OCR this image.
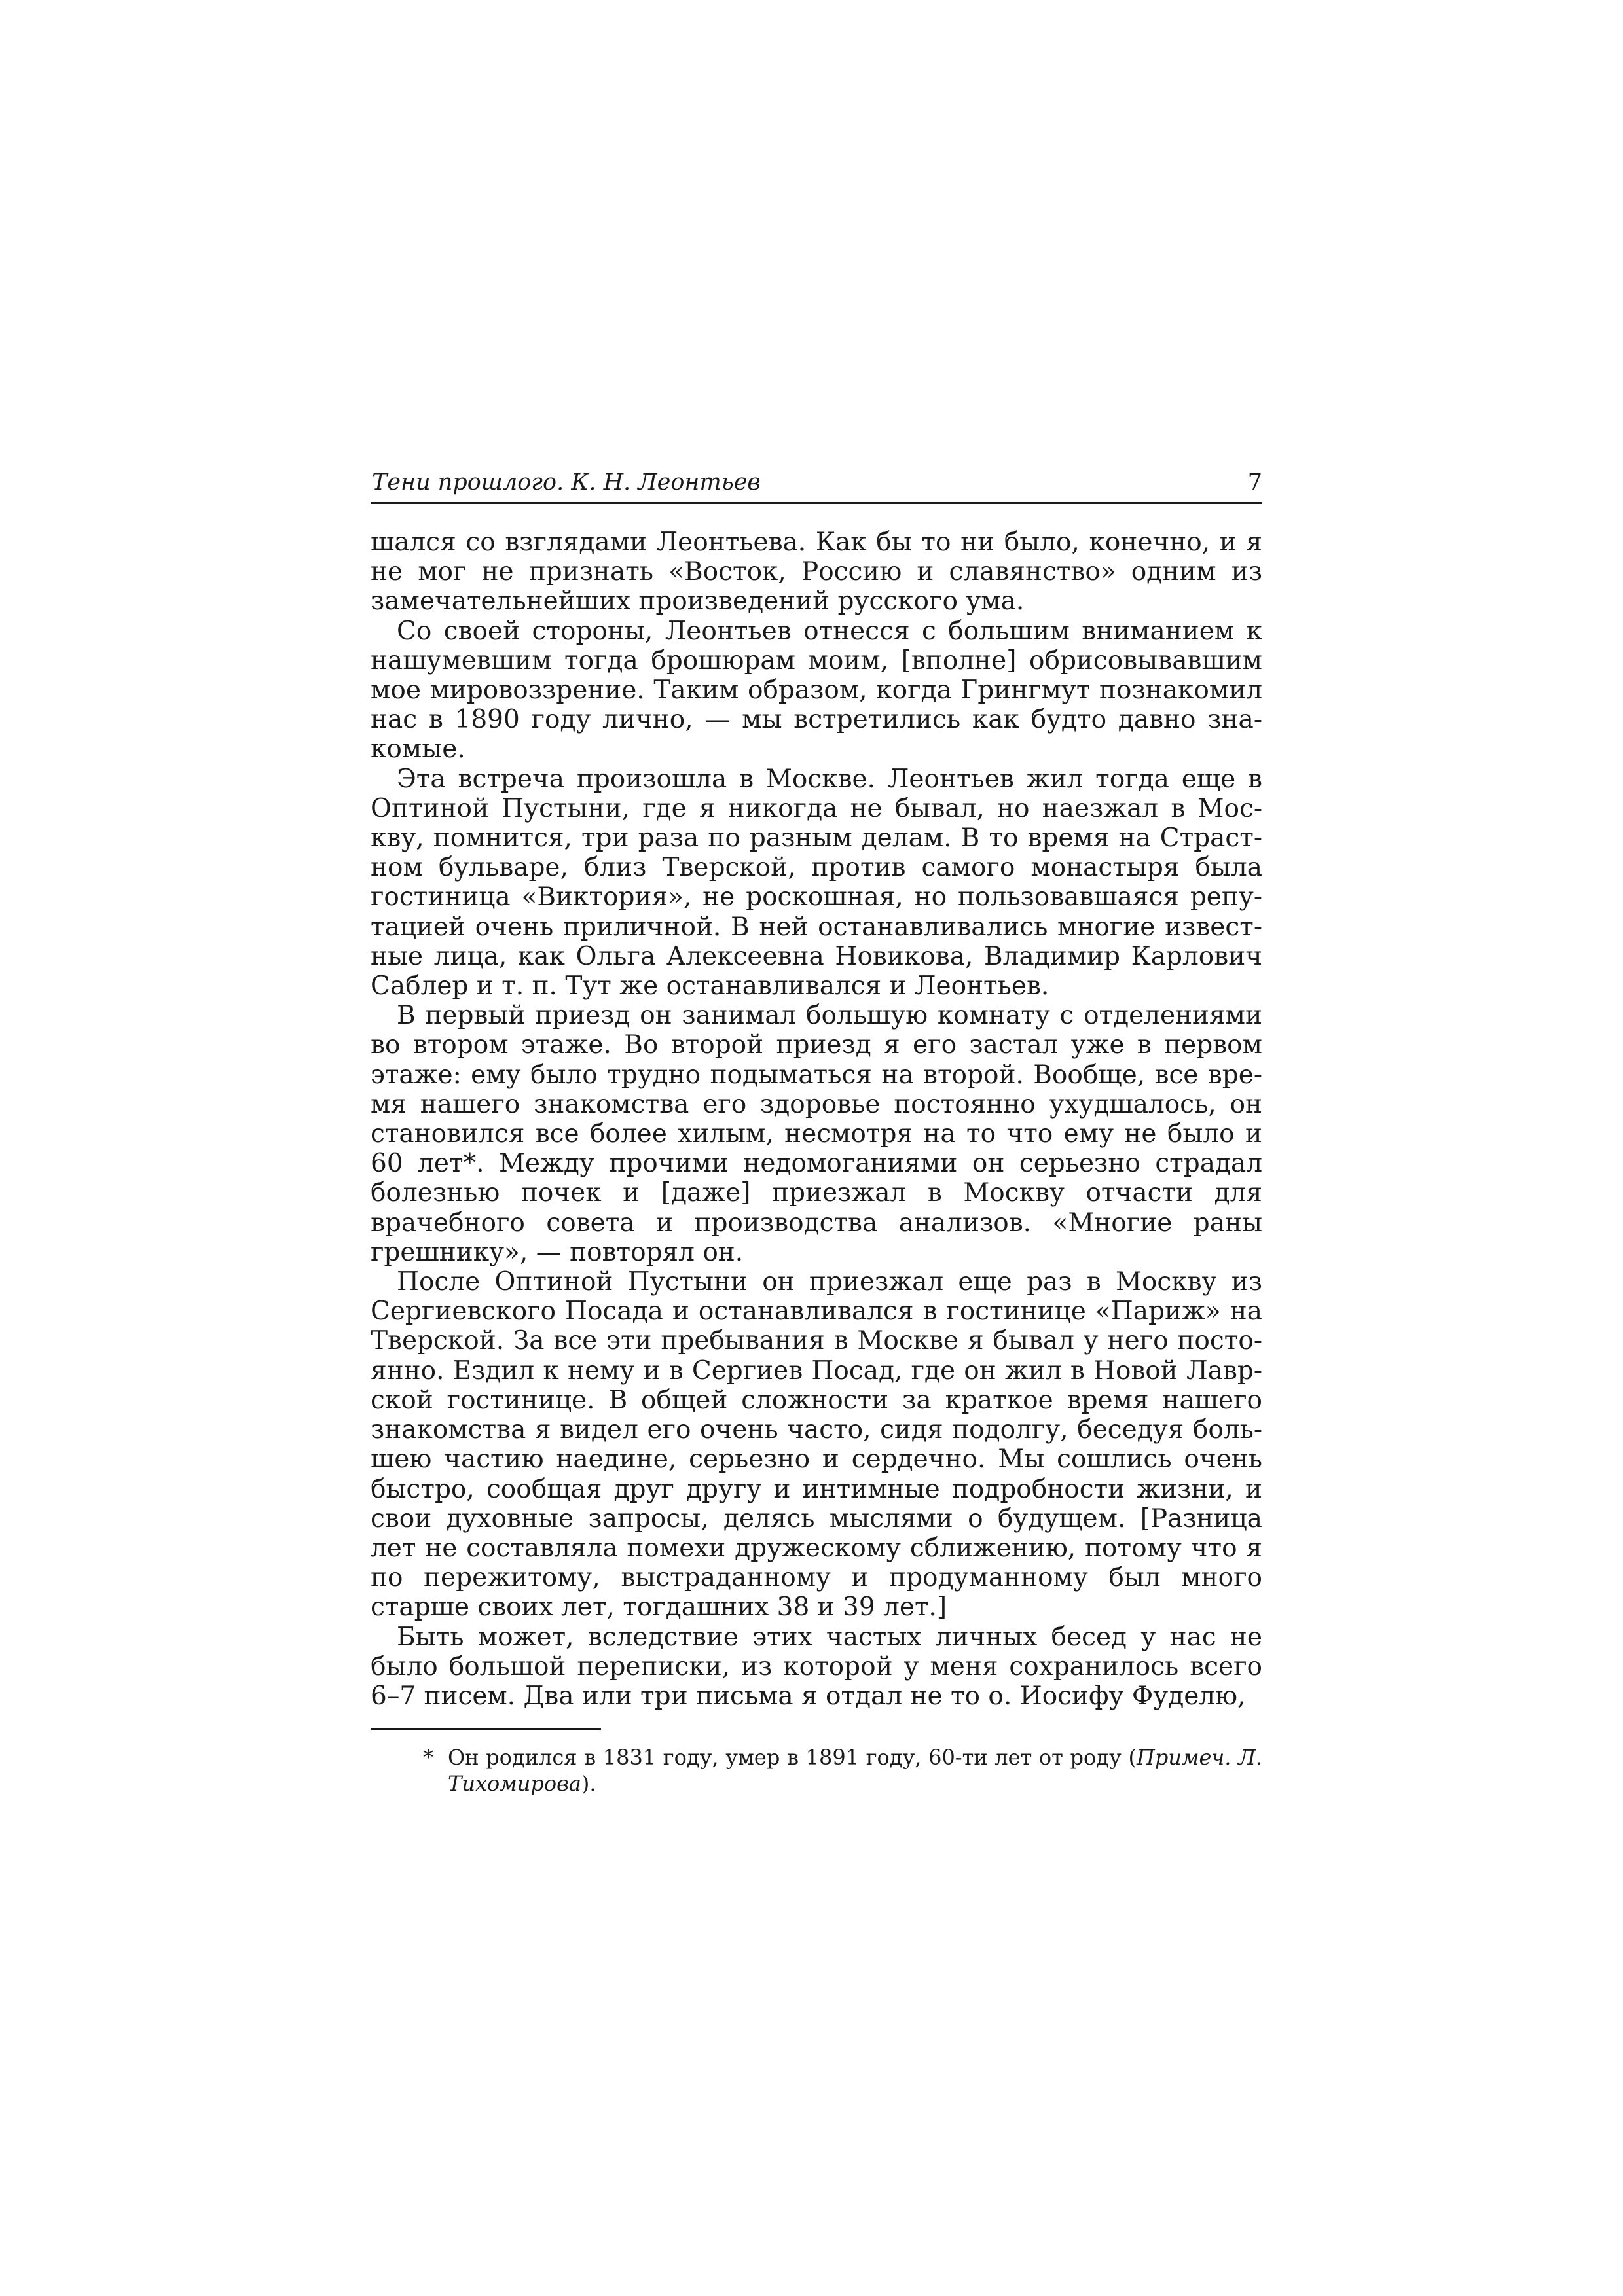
Тени прошлого. К. Н. Леонтьев	7

шался со взглядами Леонтьева. Как бы то ни было, конечно, и я не мог не признать «Восток, Россию и славянство» одним из замечательнейших произведений русского ума.

Со своей стороны, Леонтьев отнесся с большим вниманием к нашумевшим тогда брошюрам моим, [вполне] обрисовывавшим мое мировоззрение. Таким образом, когда Грингмут познакомил нас в 1890 году лично, — мы встретились как будто давно знакомые.

Эта встреча произошла в Москве. Леонтьев жил тогда еще в Оптиной Пустыни, где я никогда не бывал, но наезжал в Москву, помнится, три раза по разным делам. В то время на Страстном бульваре, близ Тверской, против самого монастыря была гостиница «Виктория», не роскошная, но пользовавшаяся репутацией очень приличной. В ней останавливались многие известные лица, как Ольга Алексеевна Новикова, Владимир Карлович Саблер и т. п. Тут же останавливался и Леонтьев.

В первый приезд он занимал большую комнату с отделениями во втором этаже. Во второй приезд я его застал уже в первом этаже: ему было трудно подыматься на второй. Вообще, все время нашего знакомства его здоровье постоянно ухудшалось, он становился все более хилым, несмотря на то что ему не было и 60 лет*. Между прочими недомоганиями он серьезно страдал болезнью почек и [даже] приезжал в Москву отчасти для врачебного совета и производства анализов. «Многие раны грешнику», — повторял он.

После Оптиной Пустыни он приезжал еще раз в Москву из Сергиевского Посада и останавливался в гостинице «Париж» на Тверской. За все эти пребывания в Москве я бывал у него постоянно. Ездил к нему и в Сергиев Посад, где он жил в Новой Лаврской гостинице. В общей сложности за краткое время нашего знакомства я видел его очень часто, сидя подолгу, беседуя большею частию наедине, серьезно и сердечно. Мы сошлись очень быстро, сообщая друг другу и интимные подробности жизни, и свои духовные запросы, делясь мыслями о будущем. [Разница лет не составляла помехи дружескому сближению, потому что я по пережитому, выстраданному и продуманному был много старше своих лет, тогдашних 38 и 39 лет.]

Быть может, вследствие этих частых личных бесед у нас не было большой переписки, из которой у меня сохранилось всего 6–7 писем. Два или три письма я отдал не то о. Иосифу Фуделю,

* Он родился в 1831 году, умер в 1891 году, 60-ти лет от роду (Примеч. Л. Тихомирова).
